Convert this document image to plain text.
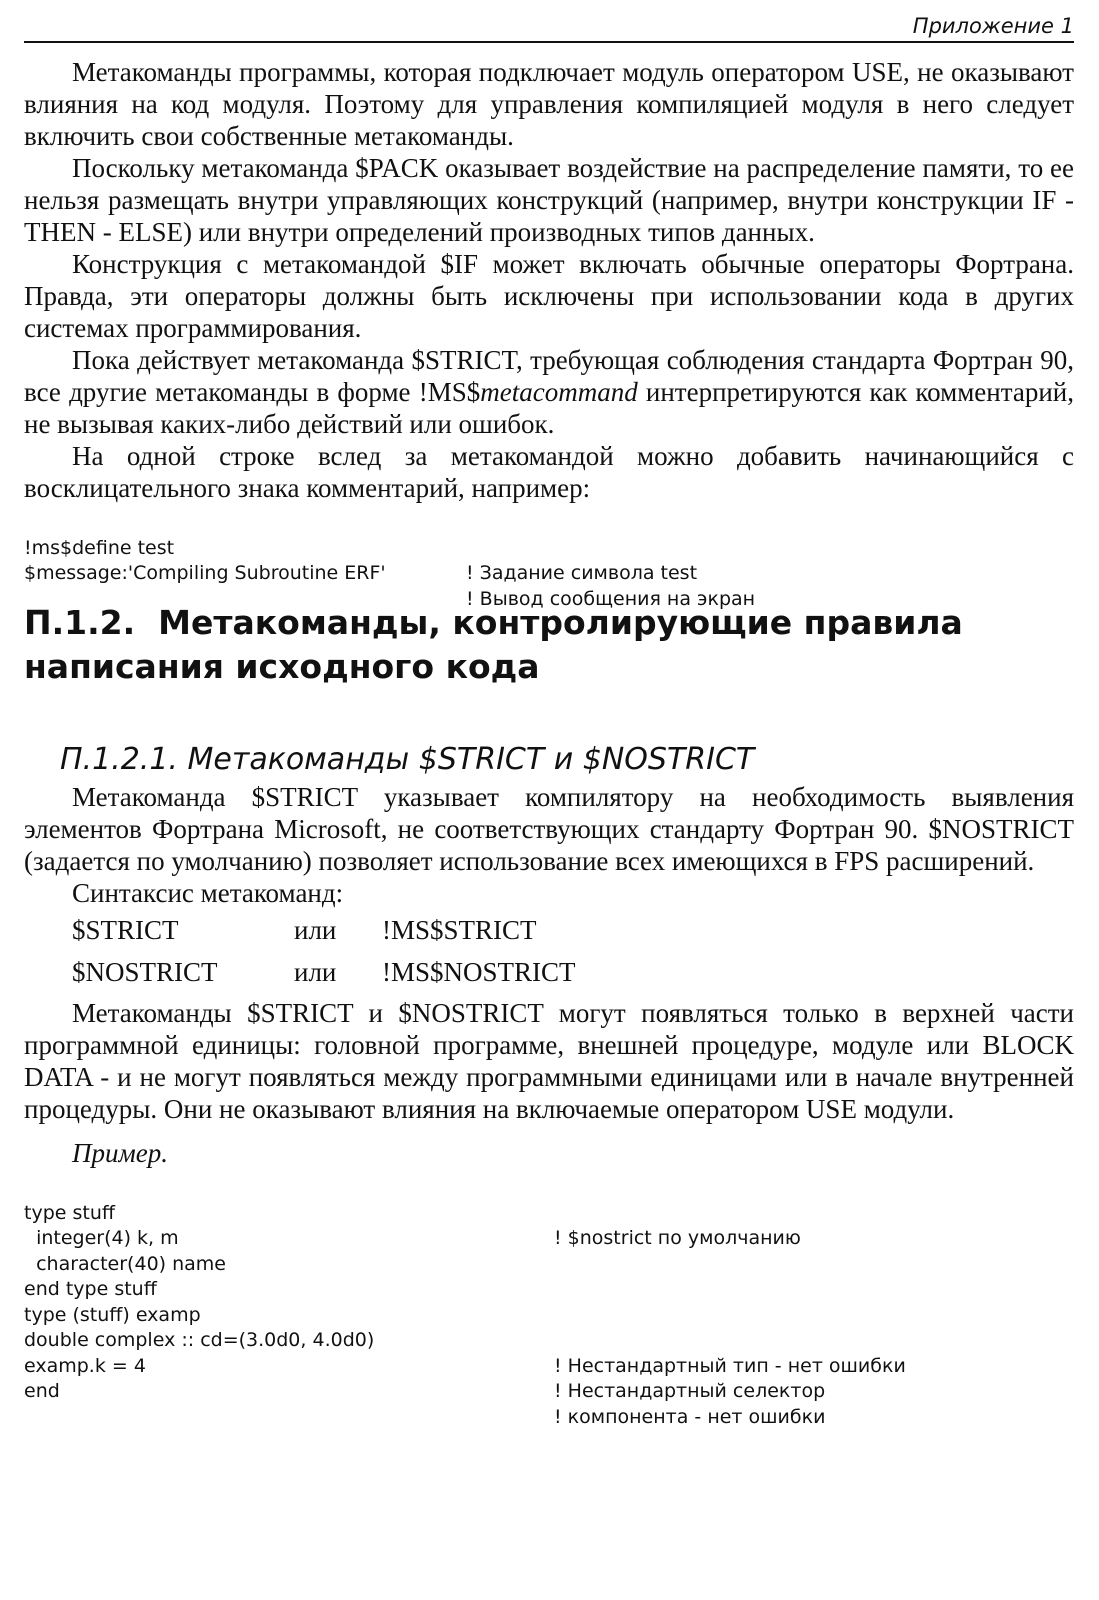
Приложение 1

Метакоманды программы, которая подключает модуль оператором USE, не оказывают влияния на код модуля. Поэтому для управления компиляцией модуля в него следует включить свои собственные метакоманды.

Поскольку метакоманда $PACK оказывает воздействие на распределение памяти, то ее нельзя размещать внутри управляющих конструкций (например, внутри конструкции IF - THEN - ELSE) или внутри определений производных типов данных.

Конструкция с метакомандой $IF может включать обычные операторы Фортрана. Правда, эти операторы должны быть исключены при использовании кода в других системах программирования.

Пока действует метакоманда $STRICT, требующая соблюдения стандарта Фортран 90, все другие метакоманды в форме !MS$metacommand интерпретируются как комментарий, не вызывая каких-либо действий или ошибок.

На одной строке вслед за метакомандой можно добавить начинающийся с восклицательного знака комментарий, например:

!ms$define test

! Задание символа test

$message:'Compiling Subroutine ERF'

! Вывод сообщения на экран

П.1.2. Метакоманды, контролирующие правила
написания исходного кода
П.1.2.1. Метакоманды $STRICT и $NOSTRICT

Метакоманда $STRICT указывает компилятору на необходимость выявления элементов Фортрана Microsoft, не соответствующих стандарту Фортран 90. $NOSTRICT (задается по умолчанию) позволяет использование всех имеющихся в FPS расширений.

Синтаксис метакоманд:

$STRICT	или !MS$STRICT
$NOSTRICT	или !MS$NOSTRICT

Метакоманды $STRICT и $NOSTRICT могут появляться только в верхней части программной единицы: головной программе, внешней процедуре, модуле или BLOCK DATA - и не могут появляться между программными единицами или в начале внутренней процедуры. Они не оказывают влияния на включаемые оператором USE модули.

Пример.

type stuff

! $nostrict по умолчанию

integer(4) k, m

character(40) name

end type stuff

type (stuff) examp

double complex :: cd=(3.0d0, 4.0d0)

! Нестандартный тип - нет ошибки

examp.k = 4

! Нестандартный селектор

end

! компонента - нет ошибки
